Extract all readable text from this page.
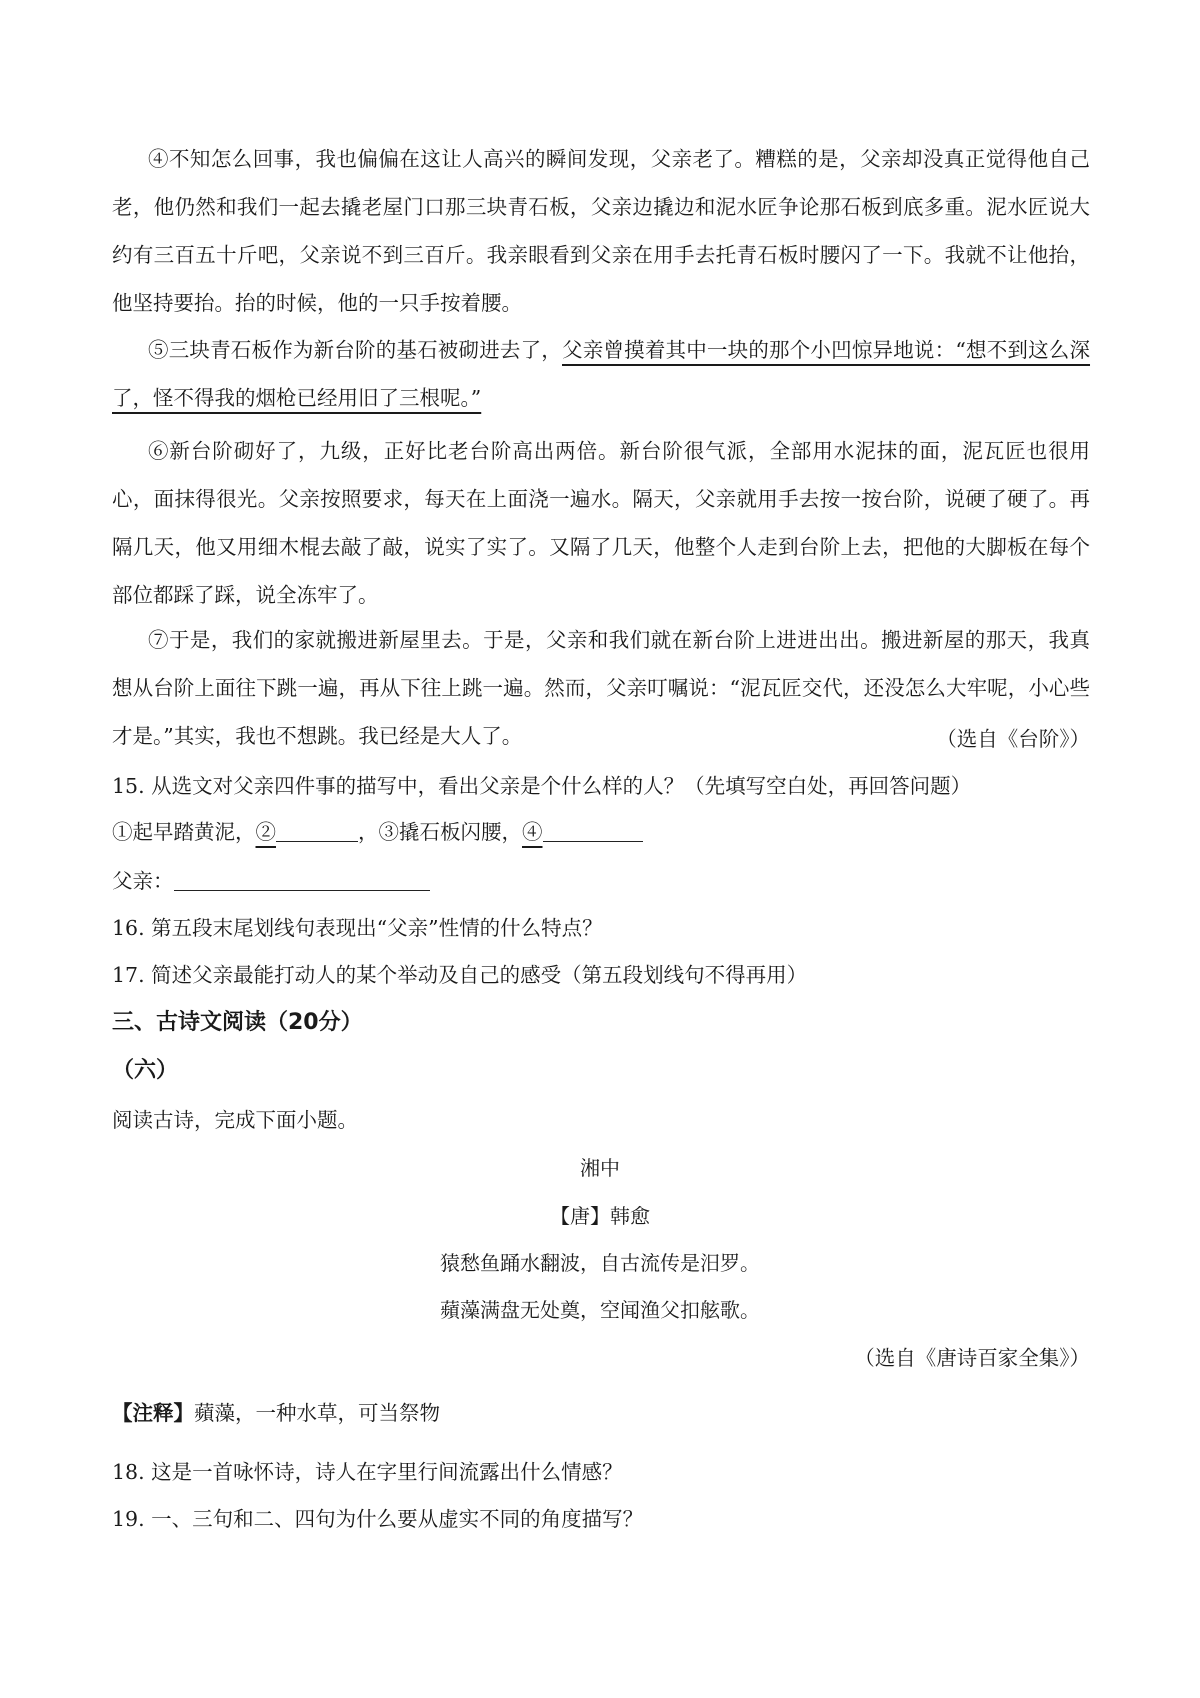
④不知怎么回事，我也偏偏在这让人高兴的瞬间发现，父亲老了。糟糕的是，父亲却没真正觉得他自己老，他仍然和我们一起去撬老屋门口那三块青石板，父亲边撬边和泥水匠争论那石板到底多重。泥水匠说大约有三百五十斤吧，父亲说不到三百斤。我亲眼看到父亲在用手去托青石板时腰闪了一下。我就不让他抬，他坚持要抬。抬的时候，他的一只手按着腰。

⑤三块青石板作为新台阶的基石被砌进去了，父亲曾摸着其中一块的那个小凹惊异地说：“想不到这么深了，怪不得我的烟枪已经用旧了三根呢。”

⑥新台阶砌好了，九级，正好比老台阶高出两倍。新台阶很气派，全部用水泥抹的面，泥瓦匠也很用心，面抹得很光。父亲按照要求，每天在上面浇一遍水。隔天，父亲就用手去按一按台阶，说硬了硬了。再隔几天，他又用细木棍去敲了敲，说实了实了。又隔了几天，他整个人走到台阶上去，把他的大脚板在每个部位都踩了踩，说全冻牢了。

⑦于是，我们的家就搬进新屋里去。于是，父亲和我们就在新台阶上进进出出。搬进新屋的那天，我真想从台阶上面往下跳一遍，再从下往上跳一遍。然而，父亲叮嘱说：“泥瓦匠交代，还没怎么大牢呢，小心些才是。”其实，我也不想跳。我已经是大人了。	（选自《台阶》）

15. 从选文对父亲四件事的描写中，看出父亲是个什么样的人？（先填写空白处，再回答问题）

①起早踏黄泥，②	，③撬石板闪腰，④

父亲：

16. 第五段末尾划线句表现出“父亲”性情的什么特点？

17. 简述父亲最能打动人的某个举动及自己的感受（第五段划线句不得再用）

三、古诗文阅读（20分）

（六）

阅读古诗，完成下面小题。

湘中

【唐】韩愈

猿愁鱼踊水翻波，自古流传是汨罗。

蘋藻满盘无处奠，空闻渔父扣舷歌。

（选自《唐诗百家全集》）

【注释】蘋藻，一种水草，可当祭物

18. 这是一首咏怀诗，诗人在字里行间流露出什么情感？

19. 一、三句和二、四句为什么要从虚实不同的角度描写？
